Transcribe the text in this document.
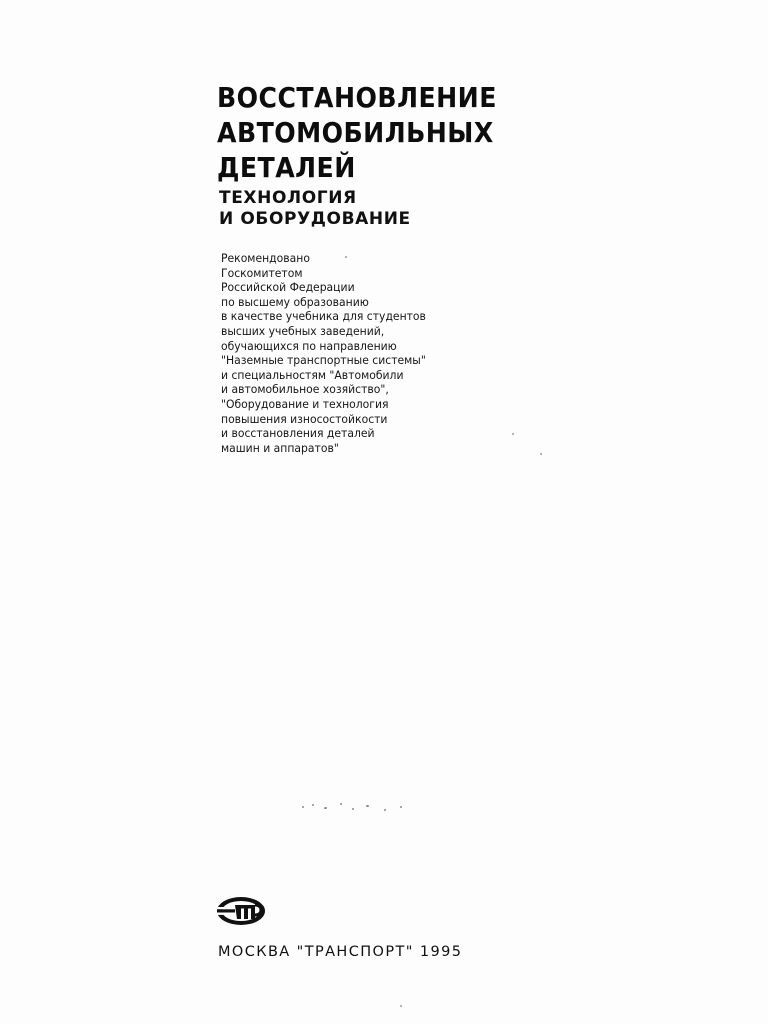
ВОССТАНОВЛЕНИЕ
АВТОМОБИЛЬНЫХ
ДЕТАЛЕЙ
ТЕХНОЛОГИЯ
И ОБОРУДОВАНИЕ
Рекомендовано
Госкомитетом
Российской Федерации
по высшему образованию
в качестве учебника для студентов
высших учебных заведений,
обучающихся по направлению
"Наземные транспортные системы"
и специальностям "Автомобили
и автомобильное хозяйство",
"Оборудование и технология
повышения износостойкости
и восстановления деталей
машин и аппаратов"
МОСКВА "ТРАНСПОРТ" 1995
